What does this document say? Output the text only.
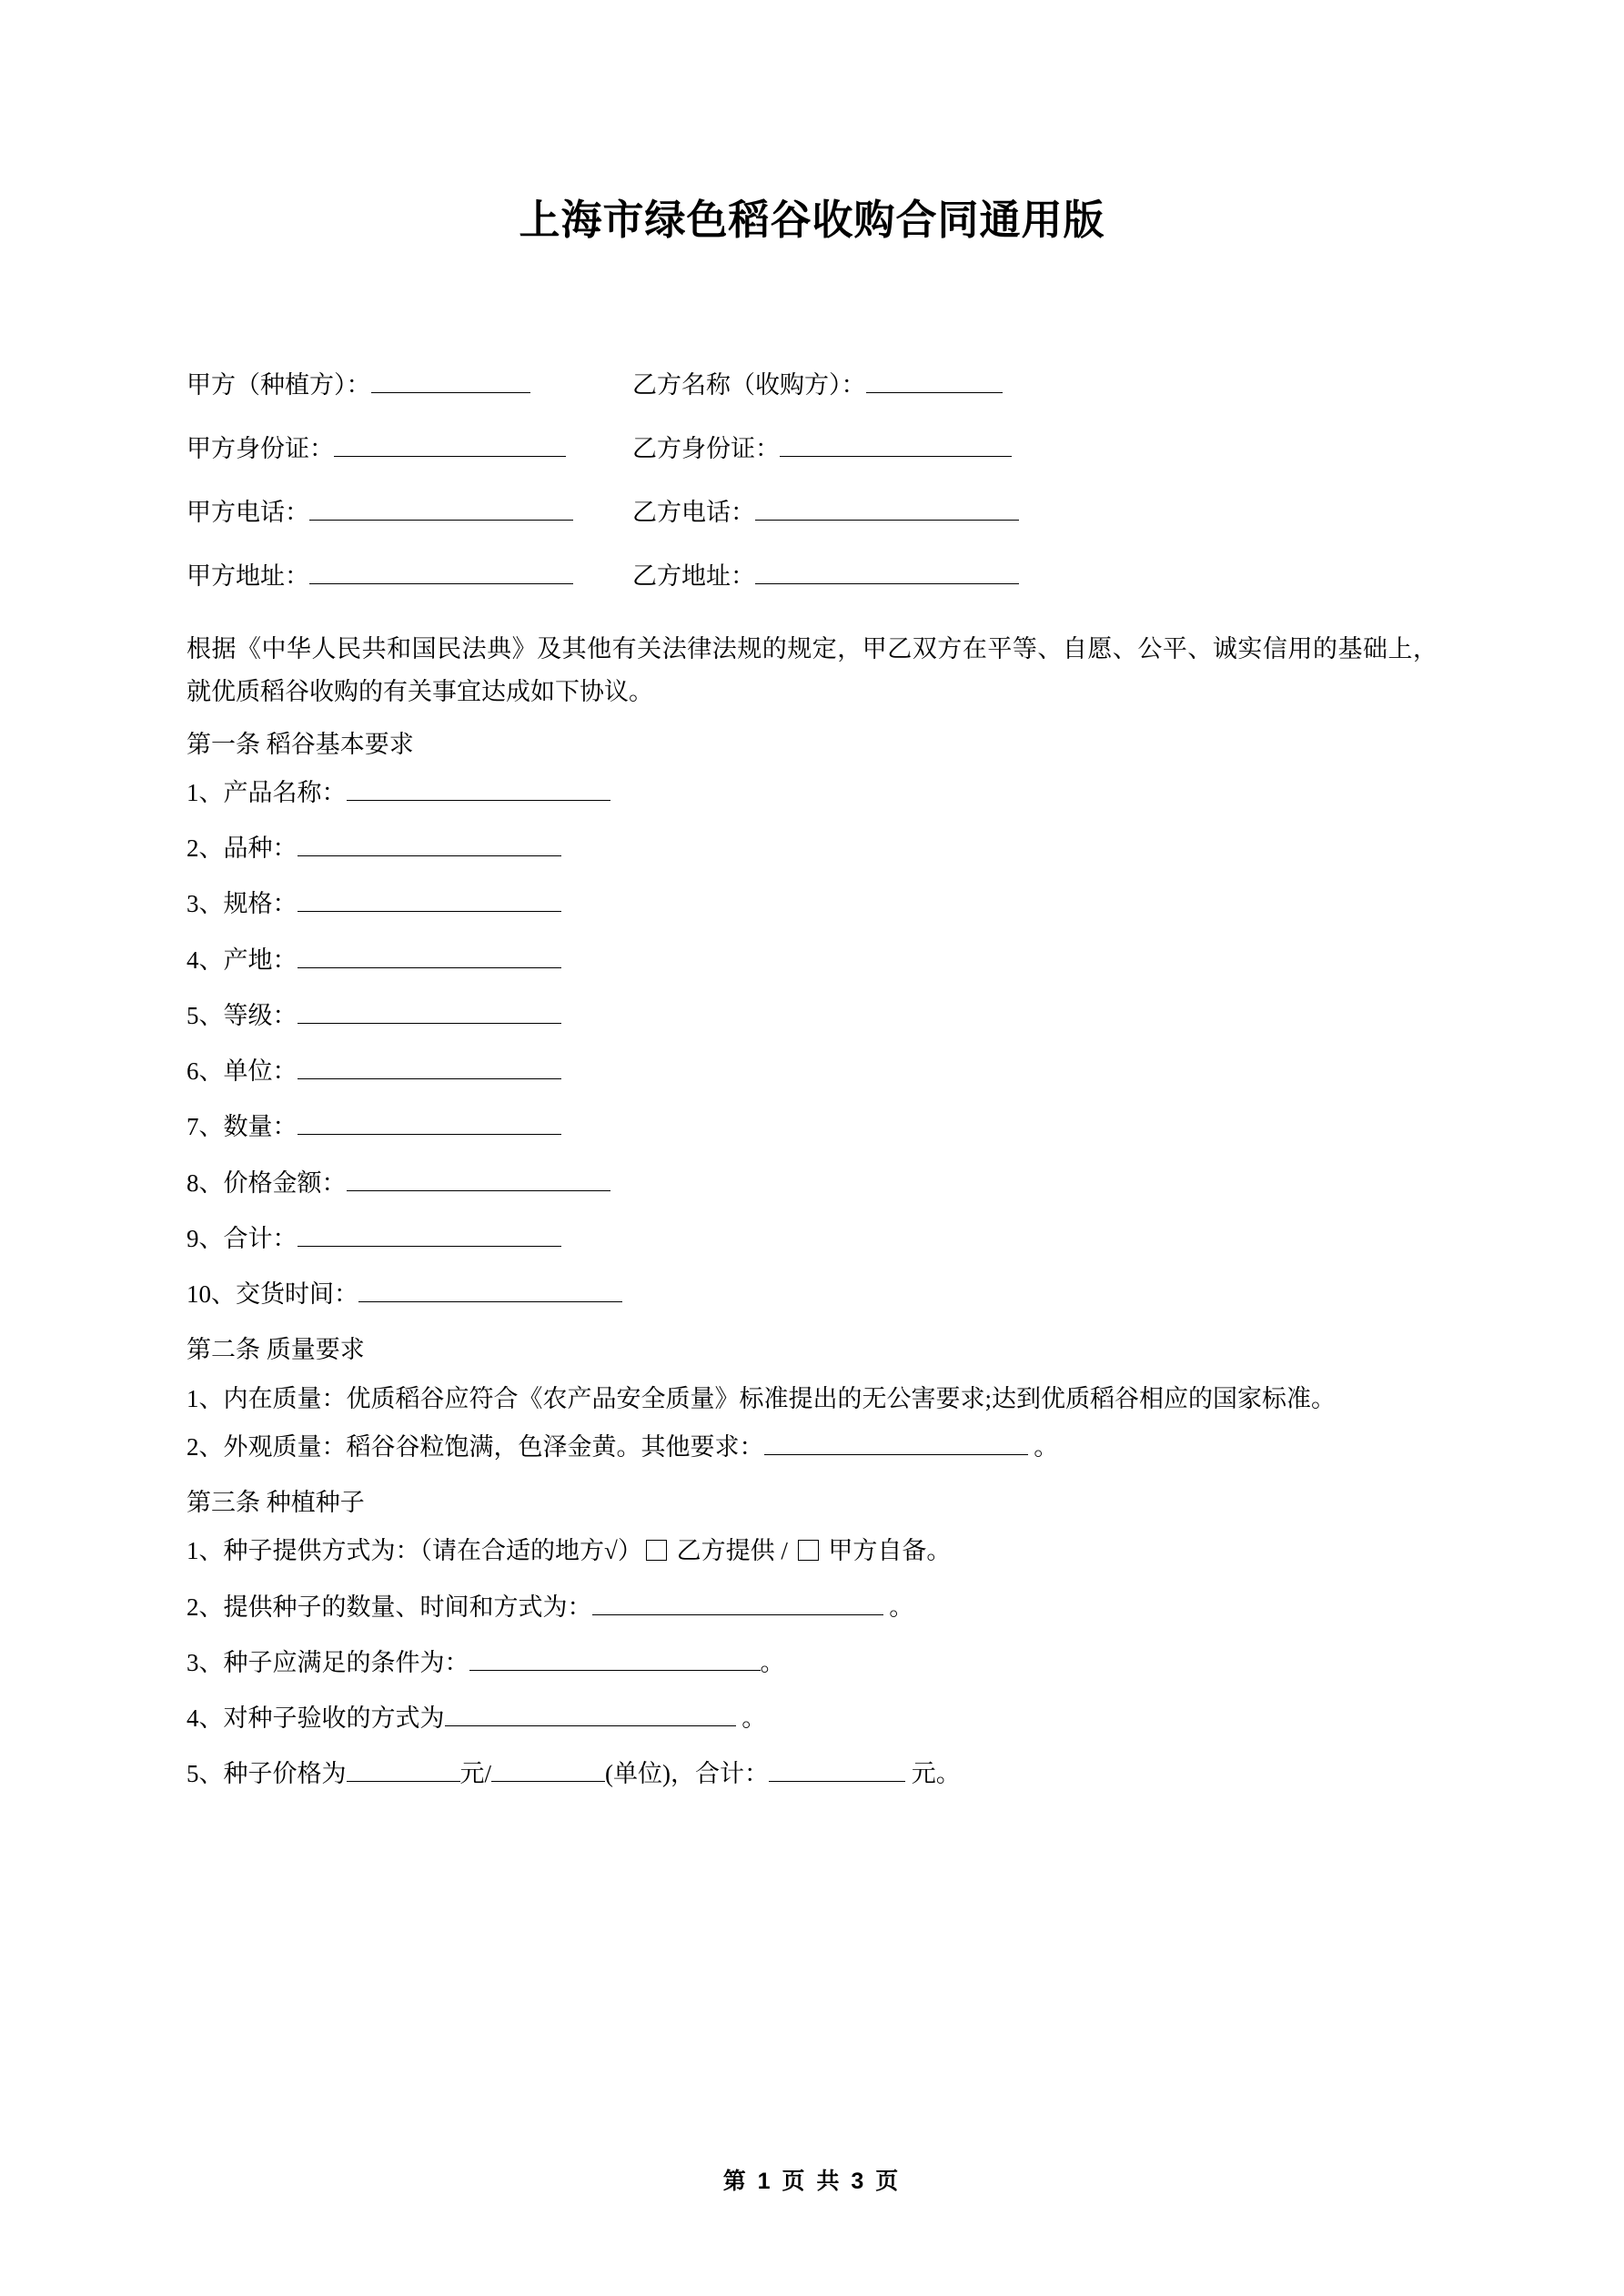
上海市绿色稻谷收购合同通用版
甲方（种植方）：	乙方名称（收购方）：
甲方身份证：	乙方身份证：
甲方电话：	乙方电话：
甲方地址：	乙方地址：

根据《中华人民共和国民法典》及其他有关法律法规的规定，甲乙双方在平等、自愿、公平、诚实信用的基础上，就优质稻谷收购的有关事宜达成如下协议。

第一条 稻谷基本要求
1、产品名称：
2、品种：
3、规格：
4、产地：
5、等级：
6、单位：
7、数量：
8、价格金额：
9、合计：
10、交货时间：
第二条 质量要求

1、内在质量：优质稻谷应符合《农产品安全质量》标准提出的无公害要求;达到优质稻谷相应的国家标准。

2、外观质量：稻谷谷粒饱满，色泽金黄。其他要求：	。
第三条 种植种子
1、种子提供方式为：（请在合适的地方√） 乙方提供 /  甲方自备。
2、提供种子的数量、时间和方式为：	。
3、种子应满足的条件为：	。
4、对种子验收的方式为	。
5、种子价格为	元/	(单位)，合计：	元。
第 1 页 共 3 页
